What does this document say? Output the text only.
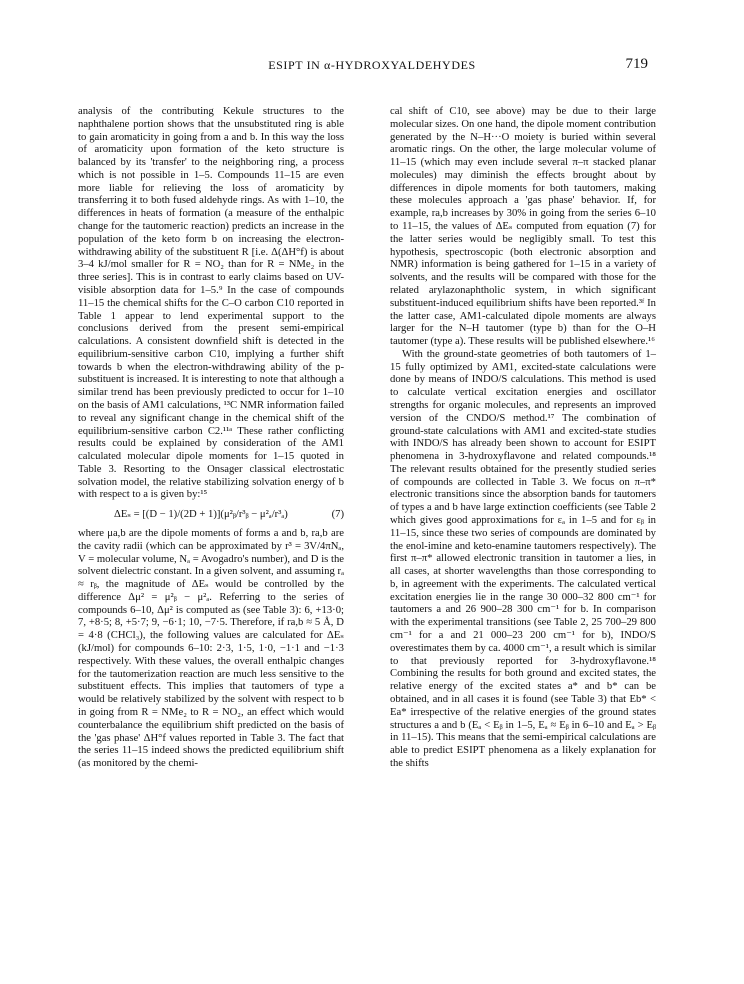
ESIPT IN α-HYDROXYALDEHYDES	719

analysis of the contributing Kekule structures to the naphthalene portion shows that the unsubstituted ring is able to gain aromaticity in going from a and b. In this way the loss of aromaticity upon formation of the keto structure is balanced by its 'transfer' to the neighboring ring, a process which is not possible in 1–5. Compounds 11–15 are even more liable for relieving the loss of aromaticity by transferring it to both fused aldehyde rings. As with 1–10, the differences in heats of formation (a measure of the enthalpic change for the tautomeric reaction) predicts an increase in the population of the keto form b on increasing the electron-withdrawing ability of the substituent R [i.e. Δ(ΔH°f) is about 3–4 kJ/mol smaller for R = NO₂ than for R = NMe₂ in the three series]. This is in contrast to early claims based on UV-visible absorption data for 1–5.⁹ In the case of compounds 11–15 the chemical shifts for the C–O carbon C10 reported in Table 1 appear to lend experimental support to the conclusions derived from the present semi-empirical calculations. A consistent downfield shift is detected in the equilibrium-sensitive carbon C10, implying a further shift towards b when the electron-withdrawing ability of the p-substituent is increased. It is interesting to note that although a similar trend has been previously predicted to occur for 1–10 on the basis of AM1 calculations, ¹³C NMR information failed to reveal any significant change in the chemical shift of the equilibrium-sensitive carbon C2.¹¹ᵃ These rather conflicting results could be explained by consideration of the AM1 calculated molecular dipole moments for 1–15 quoted in Table 3. Resorting to the Onsager classical electrostatic solvation model, the relative stabilizing solvation energy of b with respect to a is given by:¹⁵

ΔEₛ = [(D − 1)/(2D + 1)](μ²ᵦ/r³ᵦ − μ²ₐ/r³ₐ)	(7)

where μa,b are the dipole moments of forms a and b, ra,b are the cavity radii (which can be approximated by r³ = 3V/4πNₐ, V = molecular volume, Nₐ = Avogadro's number), and D is the solvent dielectric constant. In a given solvent, and assuming rₐ ≈ rᵦ, the magnitude of ΔEₛ would be controlled by the difference Δμ² = μ²ᵦ − μ²ₐ. Referring to the series of compounds 6–10, Δμ² is computed as (see Table 3): 6, +13·0; 7, +8·5; 8, +5·7; 9, −6·1; 10, −7·5. Therefore, if ra,b ≈ 5 Å, D = 4·8 (CHCl₃), the following values are calculated for ΔEₛ (kJ/mol) for compounds 6–10: 2·3, 1·5, 1·0, −1·1 and −1·3 respectively. With these values, the overall enthalpic changes for the tautomerization reaction are much less sensitive to the substituent effects. This implies that tautomers of type a would be relatively stabilized by the solvent with respect to b in going from R = NMe₂ to R = NO₂, an effect which would counterbalance the equilibrium shift predicted on the basis of the 'gas phase' ΔH°f values reported in Table 3. The fact that the series 11–15 indeed shows the predicted equilibrium shift (as monitored by the chemi-

cal shift of C10, see above) may be due to their large molecular sizes. On one hand, the dipole moment contribution generated by the N–H···O moiety is buried within several aromatic rings. On the other, the large molecular volume of 11–15 (which may even include several π–π stacked planar molecules) may diminish the effects brought about by differences in dipole moments for both tautomers, making these molecules approach a 'gas phase' behavior. If, for example, ra,b increases by 30% in going from the series 6–10 to 11–15, the values of ΔEₛ computed from equation (7) for the latter series would be negligibly small. To test this hypothesis, spectroscopic (both electronic absorption and NMR) information is being gathered for 1–15 in a variety of solvents, and the results will be compared with those for the related arylazonaphtholic system, in which significant substituent-induced equilibrium shifts have been reported.³ᶠ In the latter case, AM1-calculated dipole moments are always larger for the N–H tautomer (type b) than for the O–H tautomer (type a). These results will be published elsewhere.¹⁶

With the ground-state geometries of both tautomers of 1–15 fully optimized by AM1, excited-state calculations were done by means of INDO/S calculations. This method is used to calculate vertical excitation energies and oscillator strengths for organic molecules, and represents an improved version of the CNDO/S method.¹⁷ The combination of ground-state calculations with AM1 and excited-state studies with INDO/S has already been shown to account for ESIPT phenomena in 3-hydroxyflavone and related compounds.¹⁸ The relevant results obtained for the presently studied series of compounds are collected in Table 3. We focus on π–π* electronic transitions since the absorption bands for tautomers of types a and b have large extinction coefficients (see Table 2 which gives good approximations for εₐ in 1–5 and for εᵦ in 11–15, since these two series of compounds are dominated by the enol-imine and keto-enamine tautomers respectively). The first π–π* allowed electronic transition in tautomer a lies, in all cases, at shorter wavelengths than those corresponding to b, in agreement with the experiments. The calculated vertical excitation energies lie in the range 30 000–32 800 cm⁻¹ for tautomers a and 26 900–28 300 cm⁻¹ for b. In comparison with the experimental transitions (see Table 2, 25 700–29 800 cm⁻¹ for a and 21 000–23 200 cm⁻¹ for b), INDO/S overestimates them by ca. 4000 cm⁻¹, a result which is similar to that previously reported for 3-hydroxyflavone.¹⁸ Combining the results for both ground and excited states, the relative energy of the excited states a* and b* can be obtained, and in all cases it is found (see Table 3) that Eb* < Ea* irrespective of the relative energies of the ground states structures a and b (Eₐ < Eᵦ in 1–5, Eₐ ≈ Eᵦ in 6–10 and Eₐ > Eᵦ in 11–15). This means that the semi-empirical calculations are able to predict ESIPT phenomena as a likely explanation for the shifts
